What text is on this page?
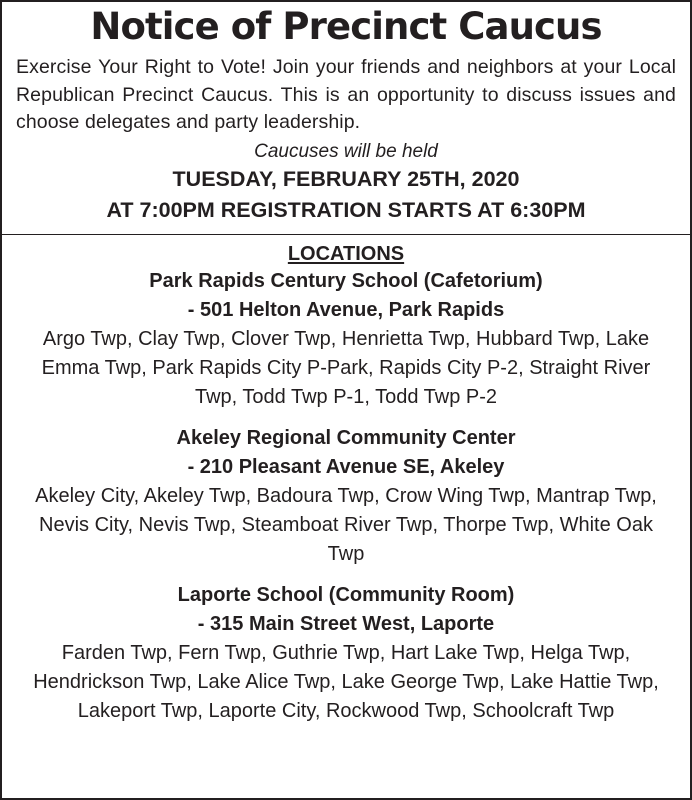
Notice of Precinct Caucus

Exercise Your Right to Vote! Join your friends and neighbors at your Local Republican Precinct Caucus. This is an opportunity to discuss issues and choose delegates and party leadership.

Caucuses will be held

TUESDAY, FEBRUARY 25TH, 2020

AT 7:00PM REGISTRATION STARTS AT 6:30PM

LOCATIONS

Park Rapids Century School (Cafetorium)

- 501 Helton Avenue, Park Rapids

Argo Twp, Clay Twp, Clover Twp, Henrietta Twp, Hubbard Twp, Lake Emma Twp, Park Rapids City P-Park, Rapids City P-2, Straight River Twp, Todd Twp P-1, Todd Twp P-2

Akeley Regional Community Center

- 210 Pleasant Avenue SE, Akeley

Akeley City, Akeley Twp, Badoura Twp, Crow Wing Twp, Mantrap Twp, Nevis City, Nevis Twp, Steamboat River Twp, Thorpe Twp, White Oak Twp

Laporte School (Community Room)

- 315 Main Street West, Laporte

Farden Twp, Fern Twp, Guthrie Twp, Hart Lake Twp, Helga Twp, Hendrickson Twp, Lake Alice Twp, Lake George Twp, Lake Hattie Twp, Lakeport Twp, Laporte City, Rockwood Twp, Schoolcraft Twp
